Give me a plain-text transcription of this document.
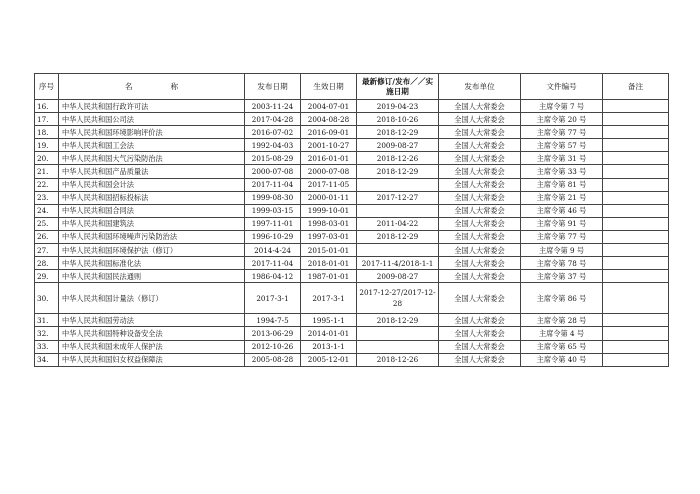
序号	名　　　　　称	发布日期	生效日期	最新修订/发布／／实施日期	发布单位	文件编号	备注
16.	中华人民共和国行政许可法	2003-11-24	2004-07-01	2019-04-23	全国人大常委会	主席令第 7 号	
17.	中华人民共和国公司法	2017-04-28	2004-08-28	2018-10-26	全国人大常委会	主席令第 20 号	
18.	中华人民共和国环境影响评价法	2016-07-02	2016-09-01	2018-12-29	全国人大常委会	主席令第 77 号	
19.	中华人民共和国工会法	1992-04-03	2001-10-27	2009-08-27	全国人大常委会	主席令第 57 号	
20.	中华人民共和国大气污染防治法	2015-08-29	2016-01-01	2018-12-26	全国人大常委会	主席令第 31 号	
21.	中华人民共和国产品质量法	2000-07-08	2000-07-08	2018-12-29	全国人大常委会	主席令第 33 号	
22.	中华人民共和国会计法	2017-11-04	2017-11-05		全国人大常委会	主席令第 81 号	
23.	中华人民共和国招标投标法	1999-08-30	2000-01-11	2017-12-27	全国人大常委会	主席令第 21 号	
24.	中华人民共和国合同法	1999-03-15	1999-10-01		全国人大常委会	主席令第 46 号	
25.	中华人民共和国建筑法	1997-11-01	1998-03-01	2011-04-22	全国人大常委会	主席令第 91 号	
26.	中华人民共和国环境噪声污染防治法	1996-10-29	1997-03-01	2018-12-29	全国人大常委会	主席令第 77 号	
27.	中华人民共和国环境保护法（修订）	2014-4-24	2015-01-01		全国人大常委会	主席令第 9 号	
28.	中华人民共和国标准化法	2017-11-04	2018-01-01	2017-11-4/2018-1-1	全国人大常委会	主席令第 78 号	
29.	中华人民共和国民法通则	1986-04-12	1987-01-01	2009-08-27	全国人大常委会	主席令第 37 号	
30.	中华人民共和国计量法（修订）	2017-3-1	2017-3-1	2017-12-27/2017-12-28	全国人大常委会	主席令第 86 号	
31.	中华人民共和国劳动法	1994-7-5	1995-1-1	2018-12-29	全国人大常委会	主席令第 28 号	
32.	中华人民共和国特种设备安全法	2013-06-29	2014-01-01		全国人大常委会	主席令第 4 号	
33.	中华人民共和国未成年人保护法	2012-10-26	2013-1-1		全国人大常委会	主席令第 65 号	
34.	中华人民共和国妇女权益保障法	2005-08-28	2005-12-01	2018-12-26	全国人大常委会	主席令第 40 号	
